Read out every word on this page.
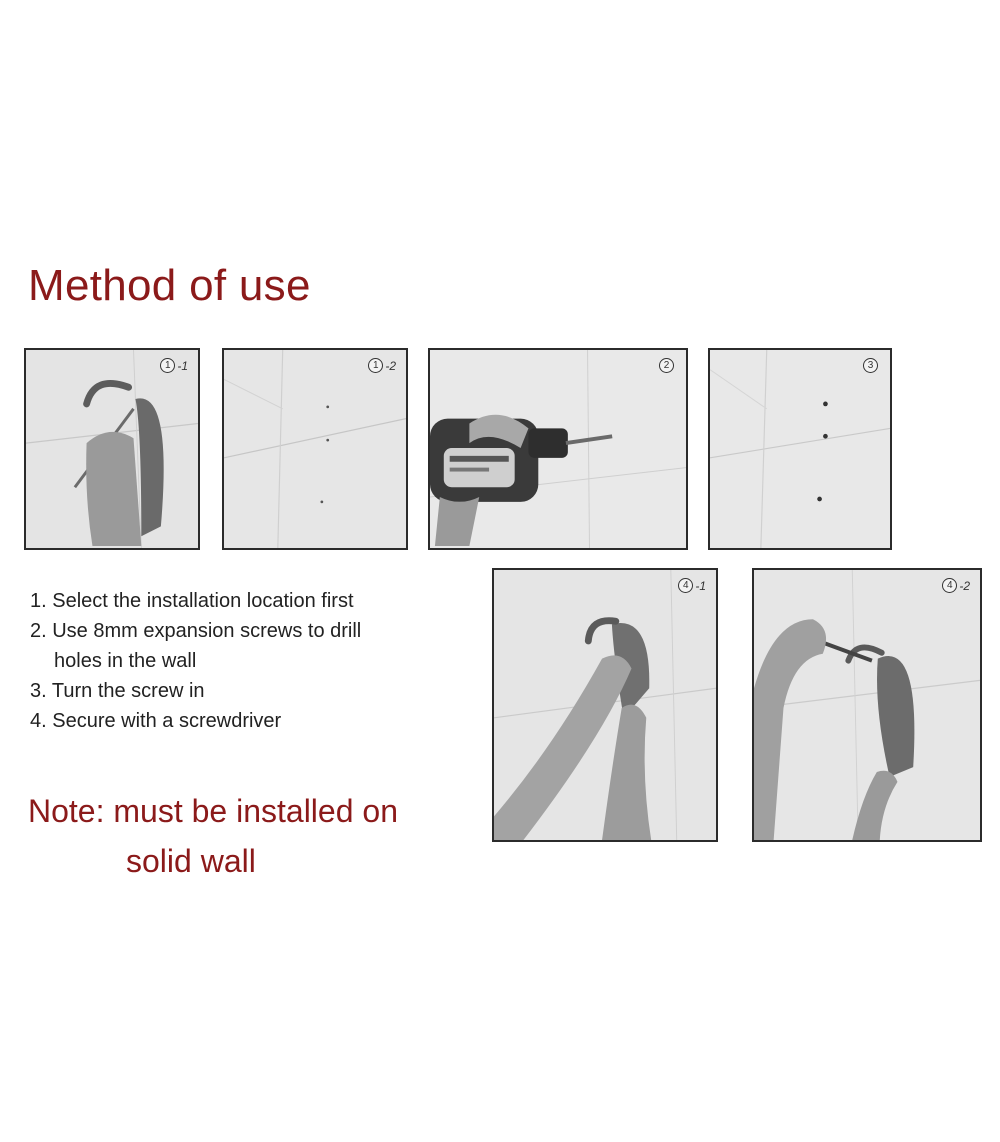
Method of use
1 -1	1 -2	2	3
4 -1	4 -2
1. Select the installation location first
2. Use 8mm expansion screws to drill
holes in the wall
3. Turn the screw in
4. Secure with a screwdriver
Note: must be installed on
solid wall
